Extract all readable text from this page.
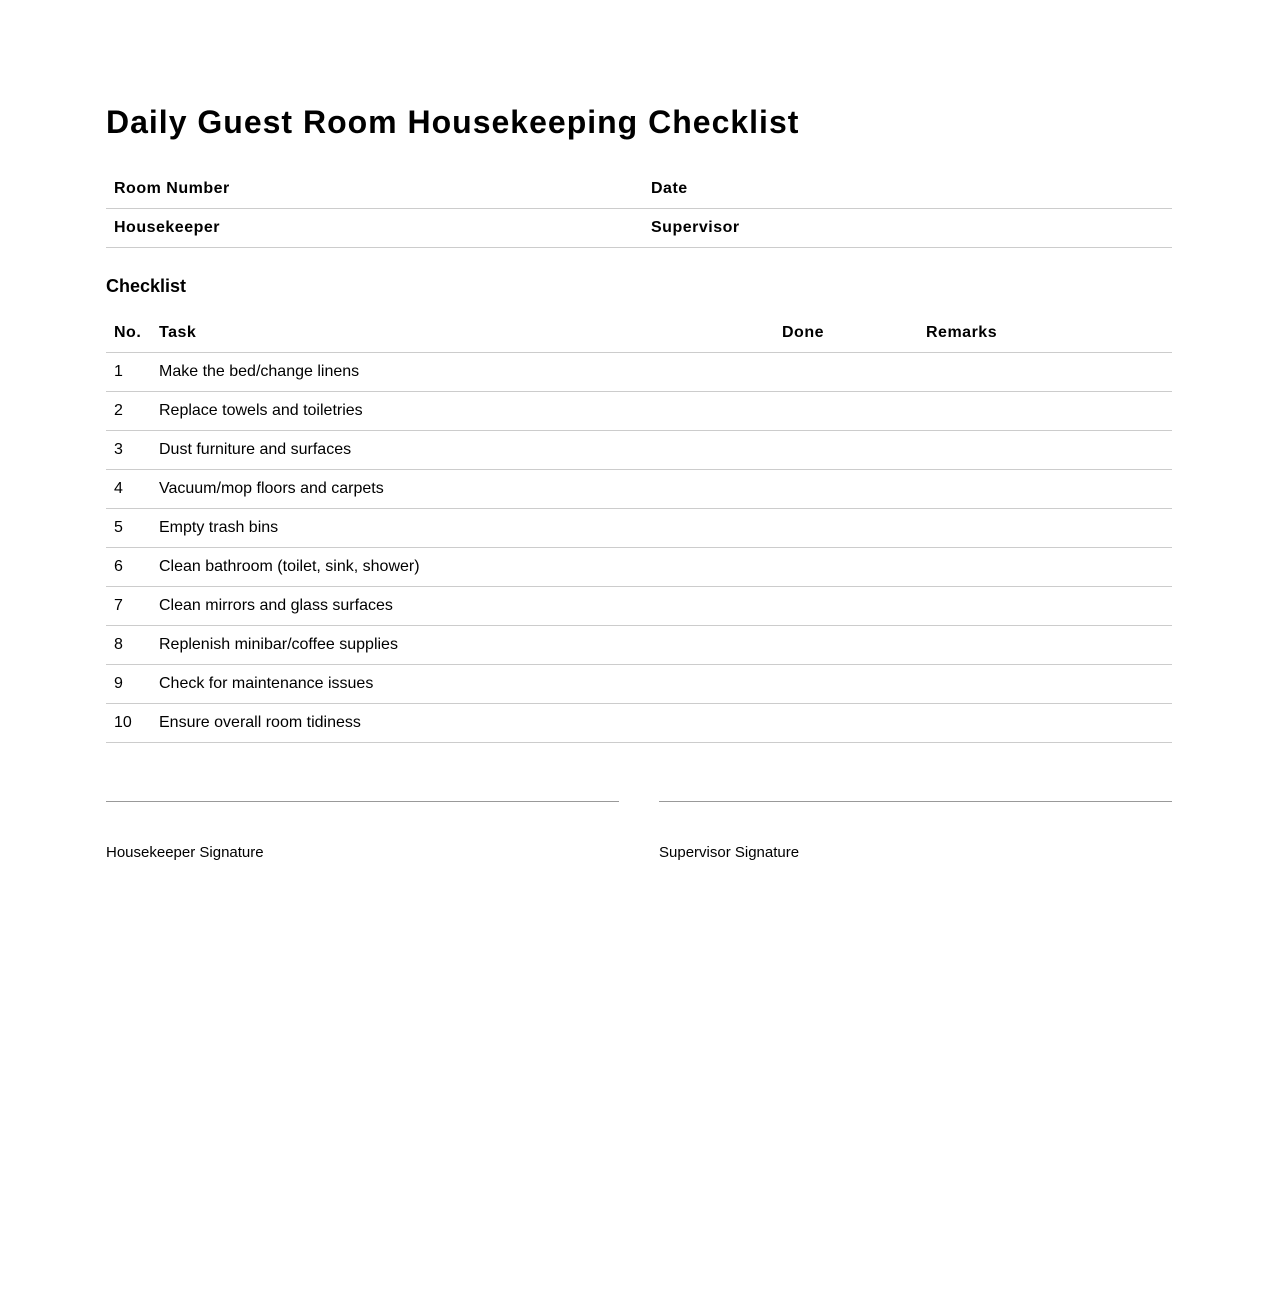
Daily Guest Room Housekeeping Checklist
Room Number	Date
Housekeeper	Supervisor
Checklist
No.	Task	Done	Remarks
1	Make the bed/change linens		
2	Replace towels and toiletries		
3	Dust furniture and surfaces		
4	Vacuum/mop floors and carpets		
5	Empty trash bins		
6	Clean bathroom (toilet, sink, shower)		
7	Clean mirrors and glass surfaces		
8	Replenish minibar/coffee supplies		
9	Check for maintenance issues		
10	Ensure overall room tidiness		
Housekeeper Signature	Supervisor Signature
